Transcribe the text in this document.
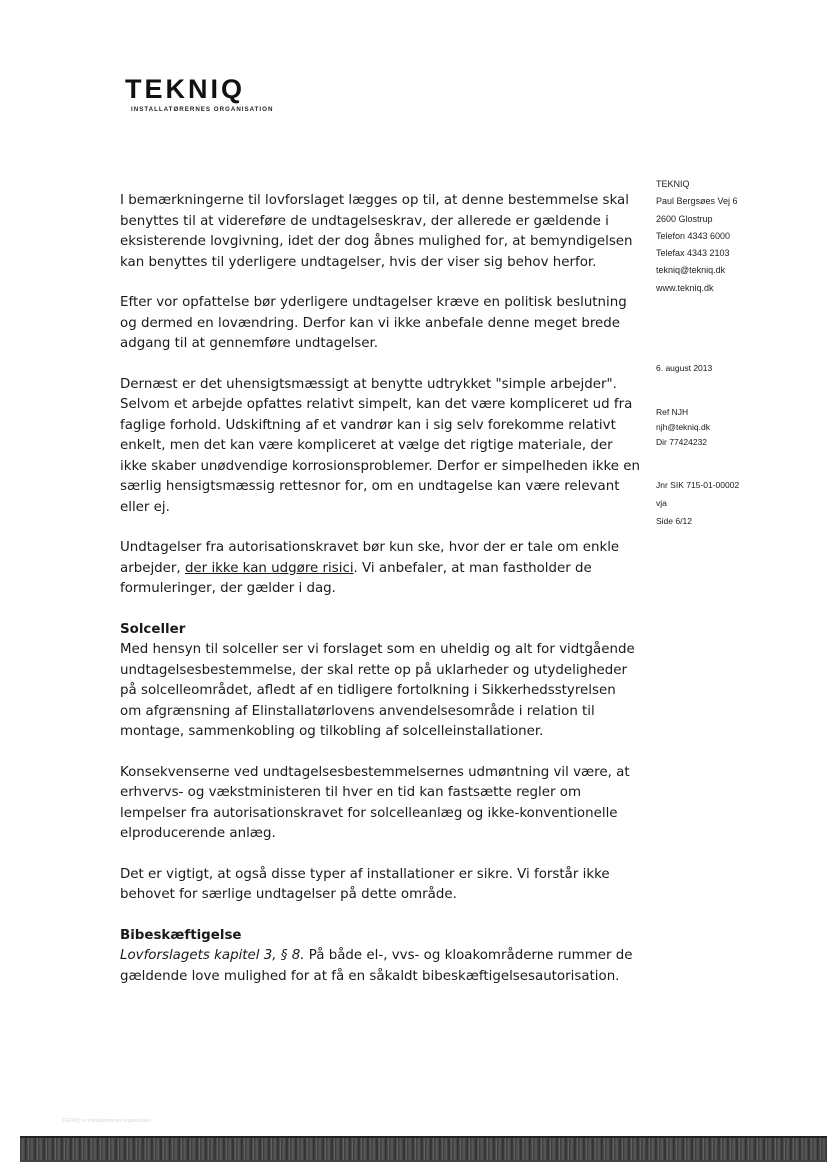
TEKNIQ
INSTALLATØRERNES ORGANISATION
TEKNIQ
Paul Bergsøes Vej 6
2600 Glostrup
Telefon 4343 6000
Telefax 4343 2103
tekniq@tekniq.dk
www.tekniq.dk
6. august 2013
Ref NJH
njh@tekniq.dk
Dir 77424232
Jnr SIK 715-01-00002
vja
Side 6/12

I bemærkningerne til lovforslaget lægges op til, at denne bestemmelse skal benyttes til at videreføre de undtagelseskrav, der allerede er gældende i eksisterende lovgivning, idet der dog åbnes mulighed for, at bemyndigelsen kan benyttes til yderligere undtagelser, hvis der viser sig behov herfor.

Efter vor opfattelse bør yderligere undtagelser kræve en politisk beslutning og dermed en lovændring. Derfor kan vi ikke anbefale denne meget brede adgang til at gennemføre undtagelser.

Dernæst er det uhensigtsmæssigt at benytte udtrykket "simple arbejder". Selvom et arbejde opfattes relativt simpelt, kan det være kompliceret ud fra faglige forhold. Udskiftning af et vandrør kan i sig selv forekomme relativt enkelt, men det kan være kompliceret at vælge det rigtige materiale, der ikke skaber unødvendige korrosionsproblemer. Derfor er simpelheden ikke en særlig hensigtsmæssig rettesnor for, om en undtagelse kan være relevant eller ej.

Undtagelser fra autorisationskravet bør kun ske, hvor der er tale om enkle arbejder, der ikke kan udgøre risici. Vi anbefaler, at man fastholder de formuleringer, der gælder i dag.

Solceller

Med hensyn til solceller ser vi forslaget som en uheldig og alt for vidtgående undtagelsesbestemmelse, der skal rette op på uklarheder og utydeligheder på solcelleområdet, afledt af en tidligere fortolkning i Sikkerhedsstyrelsen om afgrænsning af Elinstallatørlovens anvendelsesområde i relation til montage, sammenkobling og tilkobling af solcelleinstallationer.

Konsekvenserne ved undtagelsesbestemmelsernes udmøntning vil være, at erhvervs- og vækstministeren til hver en tid kan fastsætte regler om lempelser fra autorisationskravet for solcelleanlæg og ikke-konventionelle elproducerende anlæg.

Det er vigtigt, at også disse typer af installationer er sikre. Vi forstår ikke behovet for særlige undtagelser på dette område.

Bibeskæftigelse

Lovforslagets kapitel 3, § 8. På både el-, vvs- og kloakområderne rummer de gældende love mulighed for at få en såkaldt bibeskæftigelsesautorisation.

TEKNIQ er installatørernes organisation
